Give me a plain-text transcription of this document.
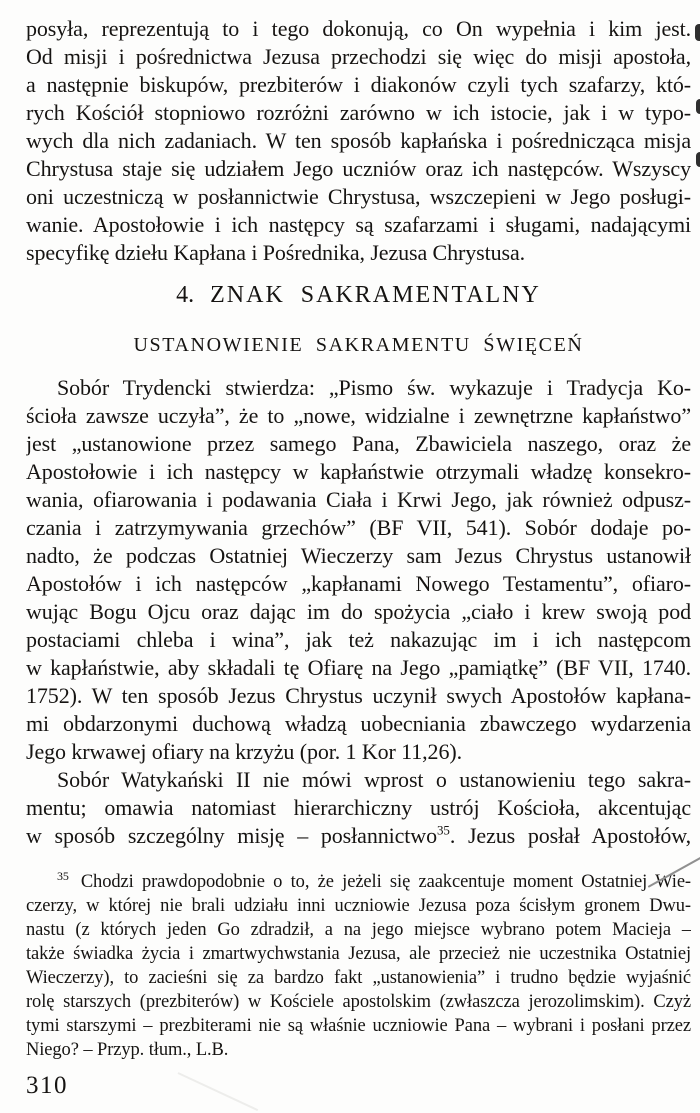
posyła, reprezentują to i tego dokonują, co On wypełnia i kim jest.
Od misji i pośrednictwa Jezusa przechodzi się więc do misji apostoła,
a następnie biskupów, prezbiterów i diakonów czyli tych szafarzy, któ-
rych Kościół stopniowo rozróżni zarówno w ich istocie, jak i w typo-
wych dla nich zadaniach. W ten sposób kapłańska i pośrednicząca misja
Chrystusa staje się udziałem Jego uczniów oraz ich następców. Wszyscy
oni uczestniczą w posłannictwie Chrystusa, wszczepieni w Jego posługi-
wanie. Apostołowie i ich następcy są szafarzami i sługami, nadającymi
specyfikę dziełu Kapłana i Pośrednika, Jezusa Chrystusa.
4. ZNAK SAKRAMENTALNY
USTANOWIENIE SAKRAMENTU ŚWIĘCEŃ
Sobór Trydencki stwierdza: „Pismo św. wykazuje i Tradycja Ko-
ścioła zawsze uczyła”, że to „nowe, widzialne i zewnętrzne kapłaństwo”
jest „ustanowione przez samego Pana, Zbawiciela naszego, oraz że
Apostołowie i ich następcy w kapłaństwie otrzymali władzę konsekro-
wania, ofiarowania i podawania Ciała i Krwi Jego, jak również odpusz-
czania i zatrzymywania grzechów” (BF VII, 541). Sobór dodaje po-
nadto, że podczas Ostatniej Wieczerzy sam Jezus Chrystus ustanowił
Apostołów i ich następców „kapłanami Nowego Testamentu”, ofiaro-
wując Bogu Ojcu oraz dając im do spożycia „ciało i krew swoją pod
postaciami chleba i wina”, jak też nakazując im i ich następcom
w kapłaństwie, aby składali tę Ofiarę na Jego „pamiątkę” (BF VII, 1740.
1752). W ten sposób Jezus Chrystus uczynił swych Apostołów kapłana-
mi obdarzonymi duchową władzą uobecniania zbawczego wydarzenia
Jego krwawej ofiary na krzyżu (por. 1 Kor 11,26).
Sobór Watykański II nie mówi wprost o ustanowieniu tego sakra-
mentu; omawia natomiast hierarchiczny ustrój Kościoła, akcentując
w sposób szczególny misję – posłannictwo$^{35}$. Jezus posłał Apostołów,
$^{35}$ Chodzi prawdopodobnie o to, że jeżeli się zaakcentuje moment Ostatniej Wie-
czerzy, w której nie brali udziału inni uczniowie Jezusa poza ścisłym gronem Dwu-
nastu (z których jeden Go zdradził, a na jego miejsce wybrano potem Macieja –
także świadka życia i zmartwychwstania Jezusa, ale przecież nie uczestnika Ostatniej
Wieczerzy), to zacieśni się za bardzo fakt „ustanowienia” i trudno będzie wyjaśnić
rolę starszych (prezbiterów) w Kościele apostolskim (zwłaszcza jerozolimskim). Czyż
tymi starszymi – prezbiterami nie są właśnie uczniowie Pana – wybrani i posłani przez
Niego? – Przyp. tłum., L.B.
310
